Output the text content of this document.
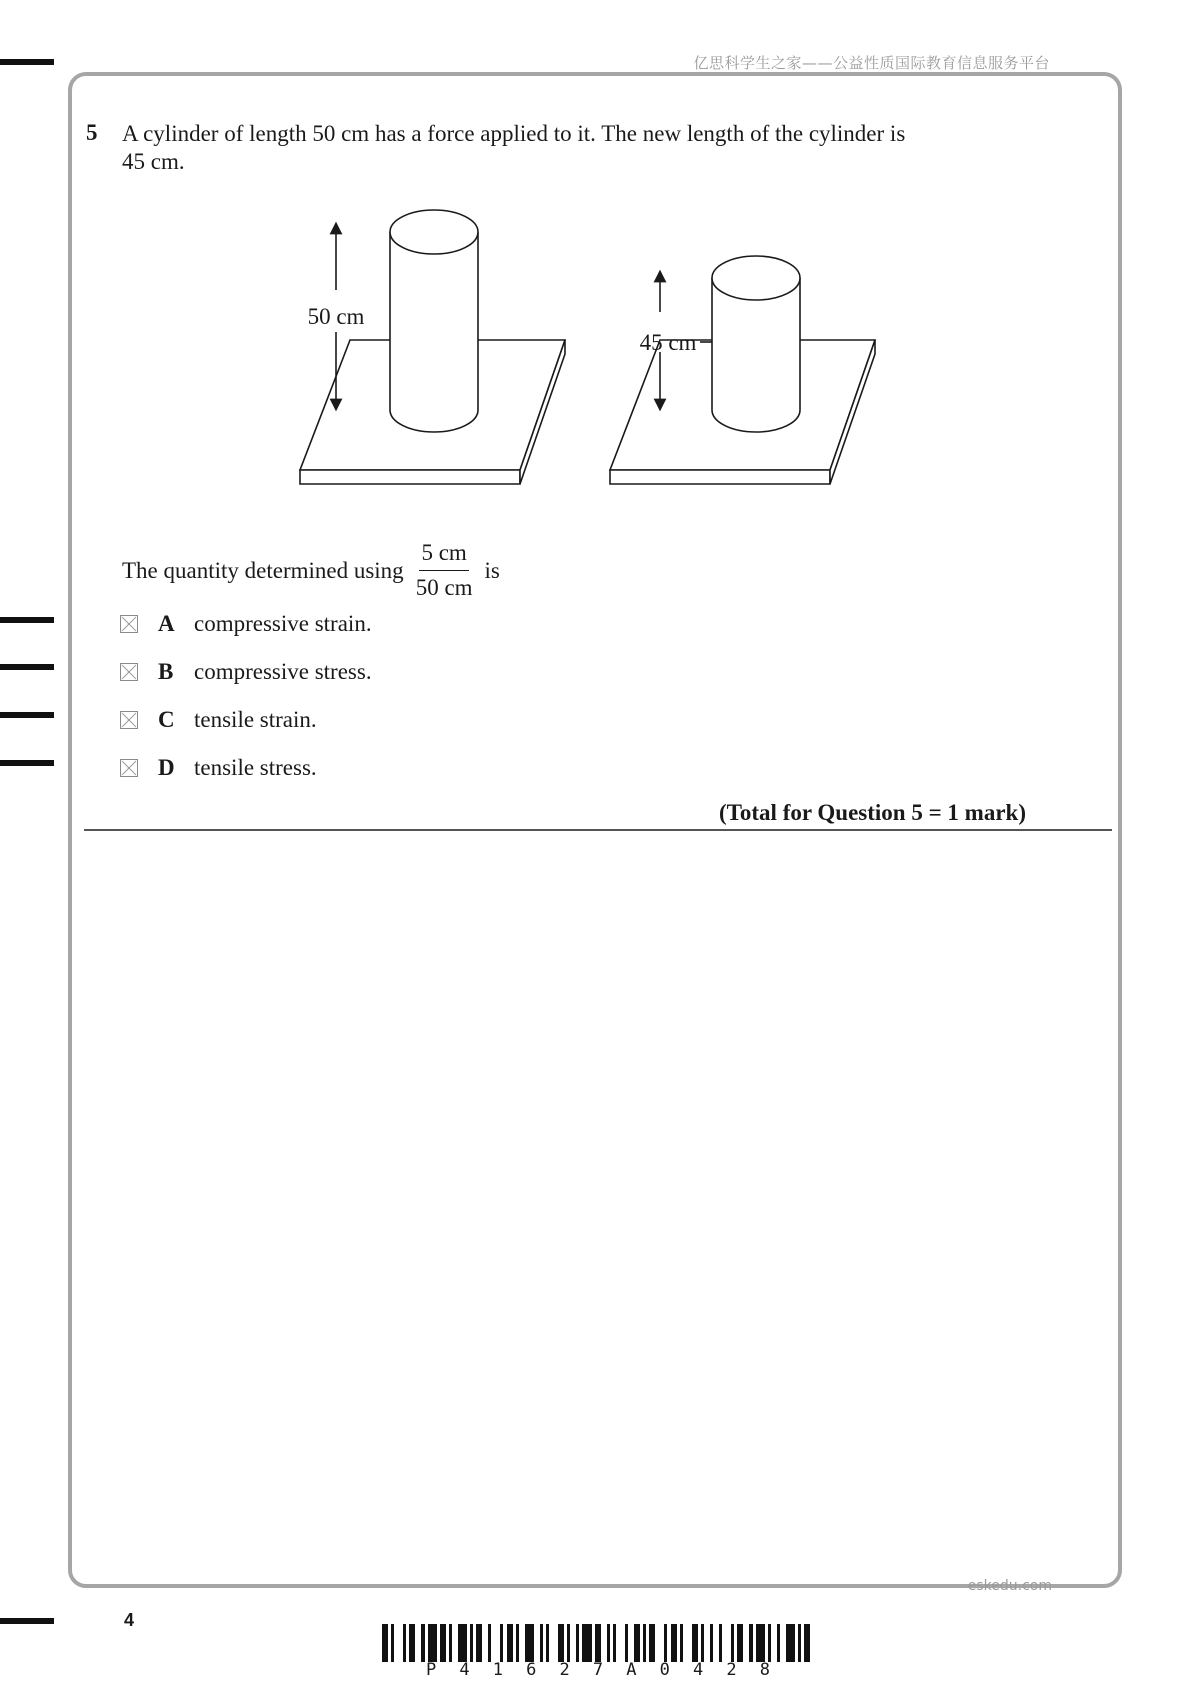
亿思科学生之家——公益性质国际教育信息服务平台
5 A cylinder of length 50 cm has a force applied to it. The new length of the cylinder is
45 cm.
50 cm
45 cm
The quantity determined using $\frac{5 cm}{50 cm}$ is
A compressive strain.
B compressive stress.
C tensile strain.
D tensile stress.
(Total for Question 5 = 1 mark)
eskedu.com
4
P 4 1 6 2 7 A 0 4 2 8
